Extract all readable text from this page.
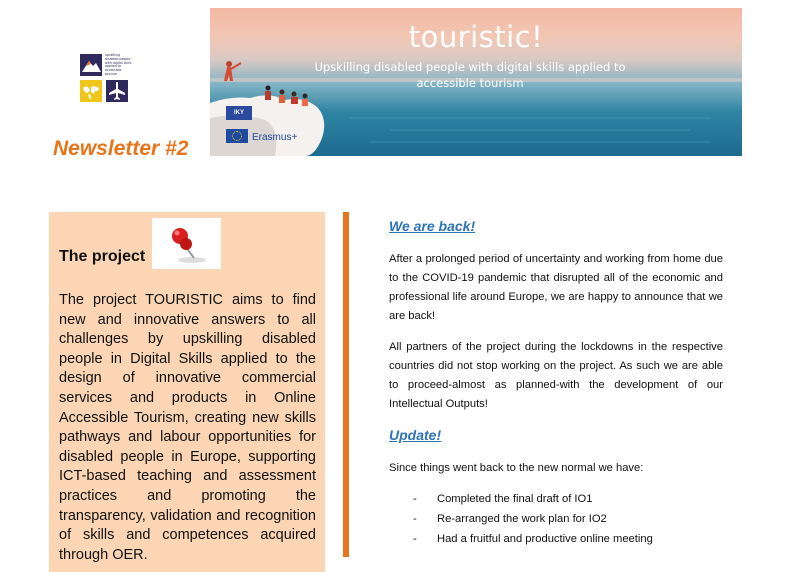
upskilling disabled people with digital skills applied to accessible tourism
touristic!
Upskilling disabled people with digital skills applied to accessible tourism
IKY
Erasmus+
Newsletter #2
The project
The project TOURISTIC aims to find new and innovative answers to all challenges by upskilling disabled people in Digital Skills applied to the design of innovative commercial services and products in Online Accessible Tourism, creating new skills pathways and labour opportunities for disabled people in Europe, supporting ICT-based teaching and assessment practices and promoting the transparency, validation and recognition of skills and competences acquired through OER.

We are back!

After a prolonged period of uncertainty and working from home due to the COVID-19 pandemic that disrupted all of the economic and professional life around Europe, we are happy to announce that we are back!

All partners of the project during the lockdowns in the respective countries did not stop working on the project. As such we are able to proceed-almost as planned-with the development of our Intellectual Outputs!

Update!

Since things went back to the new normal we have:

- Completed the final draft of IO1
- Re-arranged the work plan for IO2
- Had a fruitful and productive online meeting
